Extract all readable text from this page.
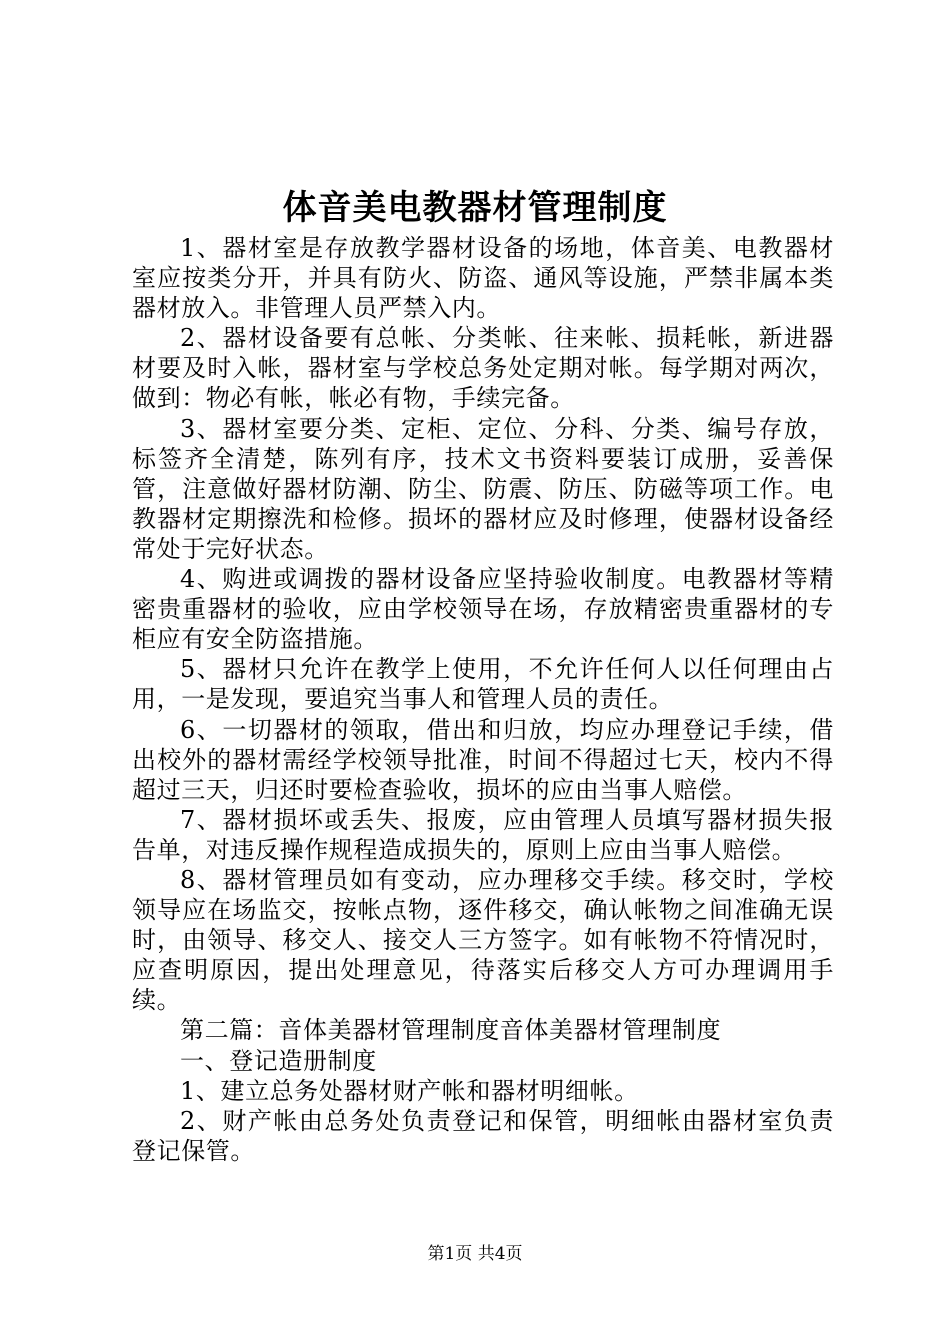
体音美电教器材管理制度

1、器材室是存放教学器材设备的场地，体音美、电教器材室应按类分开，并具有防火、防盗、通风等设施，严禁非属本类器材放入。非管理人员严禁入内。

2、器材设备要有总帐、分类帐、往来帐、损耗帐，新进器材要及时入帐，器材室与学校总务处定期对帐。每学期对两次，做到：物必有帐，帐必有物，手续完备。

3、器材室要分类、定柜、定位、分科、分类、编号存放，标签齐全清楚，陈列有序，技术文书资料要装订成册，妥善保管，注意做好器材防潮、防尘、防震、防压、防磁等项工作。电教器材定期擦洗和检修。损坏的器材应及时修理，使器材设备经常处于完好状态。

4、购进或调拨的器材设备应坚持验收制度。电教器材等精密贵重器材的验收，应由学校领导在场，存放精密贵重器材的专柜应有安全防盗措施。

5、器材只允许在教学上使用，不允许任何人以任何理由占用，一是发现，要追究当事人和管理人员的责任。

6、一切器材的领取，借出和归放，均应办理登记手续，借出校外的器材需经学校领导批准，时间不得超过七天，校内不得超过三天，归还时要检查验收，损坏的应由当事人赔偿。

7、器材损坏或丢失、报废，应由管理人员填写器材损失报告单，对违反操作规程造成损失的，原则上应由当事人赔偿。

8、器材管理员如有变动，应办理移交手续。移交时，学校领导应在场监交，按帐点物，逐件移交，确认帐物之间准确无误时，由领导、移交人、接交人三方签字。如有帐物不符情况时，应查明原因，提出处理意见，待落实后移交人方可办理调用手续。

第二篇：音体美器材管理制度音体美器材管理制度

一、登记造册制度

1、建立总务处器材财产帐和器材明细帐。

2、财产帐由总务处负责登记和保管，明细帐由器材室负责登记保管。

第1页 共4页
